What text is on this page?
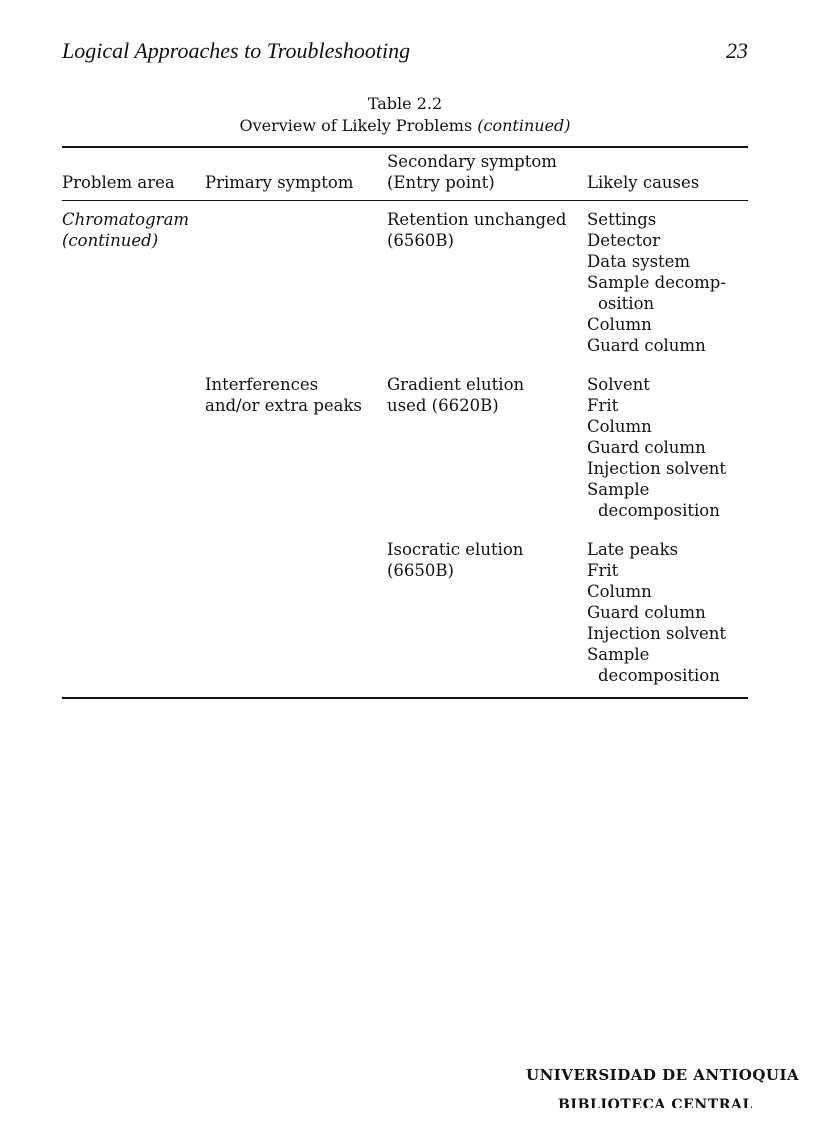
Logical Approaches to Troubleshooting	23
Table 2.2
Overview of Likely Problems (continued)
Problem area Primary symptom
Secondary symptom
(Entry point)	Likely causes
Chromatogram
(continued)
Retention unchanged
(6560B)
Settings
Detector
Data system
Sample decomp-
osition
Column
Guard column
Interferences
and/or extra peaks
Gradient elution
used (6620B)
Solvent
Frit
Column
Guard column
Injection solvent
Sample
decomposition
Isocratic elution
(6650B)
Late peaks
Frit
Column
Guard column
Injection solvent
Sample
decomposition
UNIVERSIDAD DE ANTIOQUIA
BIBLIOTECA CENTRAL
